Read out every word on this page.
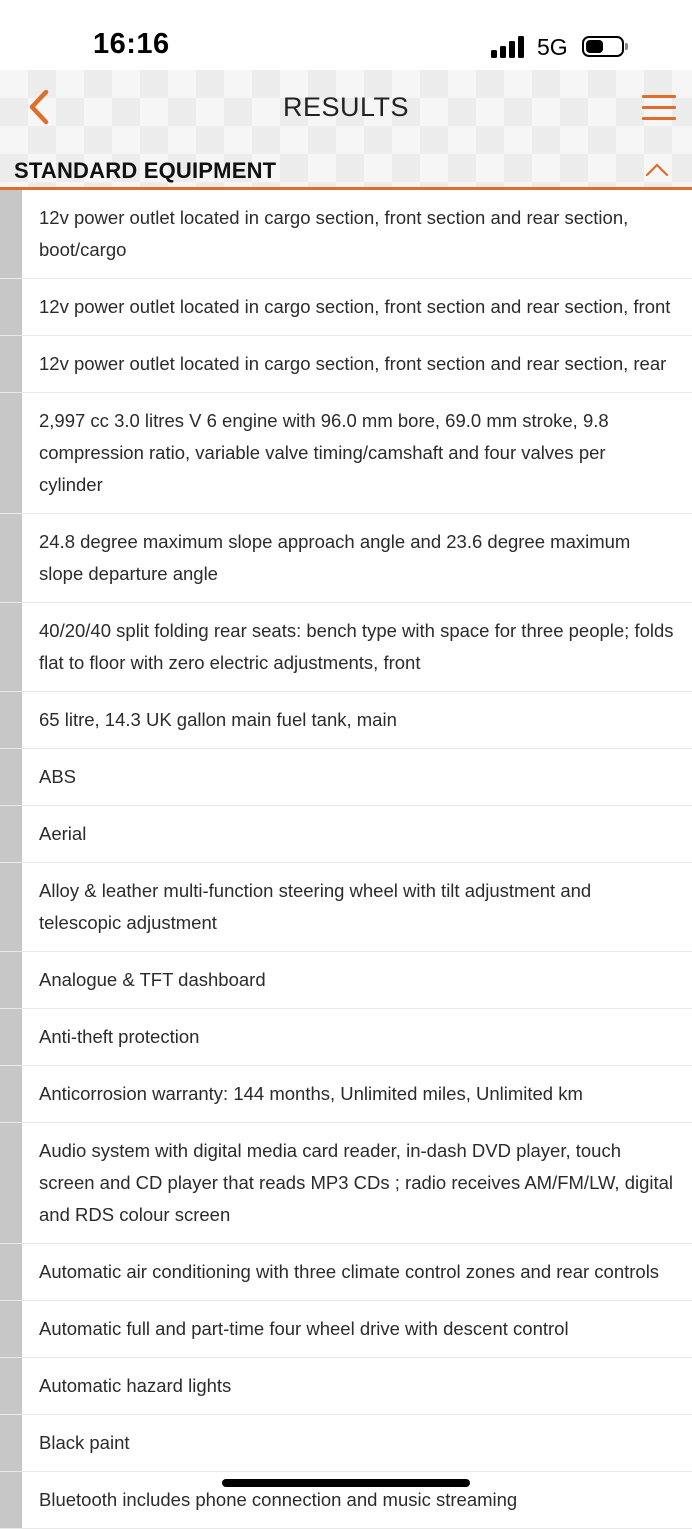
16:16	5G
RESULTS
STANDARD EQUIPMENT
12v power outlet located in cargo section, front section and rear section, boot/cargo
12v power outlet located in cargo section, front section and rear section, front
12v power outlet located in cargo section, front section and rear section, rear
2,997 cc 3.0 litres V 6 engine with 96.0 mm bore, 69.0 mm stroke, 9.8 compression ratio, variable valve timing/camshaft and four valves per cylinder
24.8 degree maximum slope approach angle and 23.6 degree maximum slope departure angle
40/20/40 split folding rear seats: bench type with space for three people; folds flat to floor with zero electric adjustments, front
65 litre, 14.3 UK gallon main fuel tank, main
ABS
Aerial
Alloy & leather multi-function steering wheel with tilt adjustment and telescopic adjustment
Analogue & TFT dashboard
Anti-theft protection
Anticorrosion warranty: 144 months, Unlimited miles, Unlimited km
Audio system with digital media card reader, in-dash DVD player, touch screen and CD player that reads MP3 CDs ; radio receives AM/FM/LW, digital and RDS colour screen
Automatic air conditioning with three climate control zones and rear controls
Automatic full and part-time four wheel drive with descent control
Automatic hazard lights
Black paint
Bluetooth includes phone connection and music streaming
